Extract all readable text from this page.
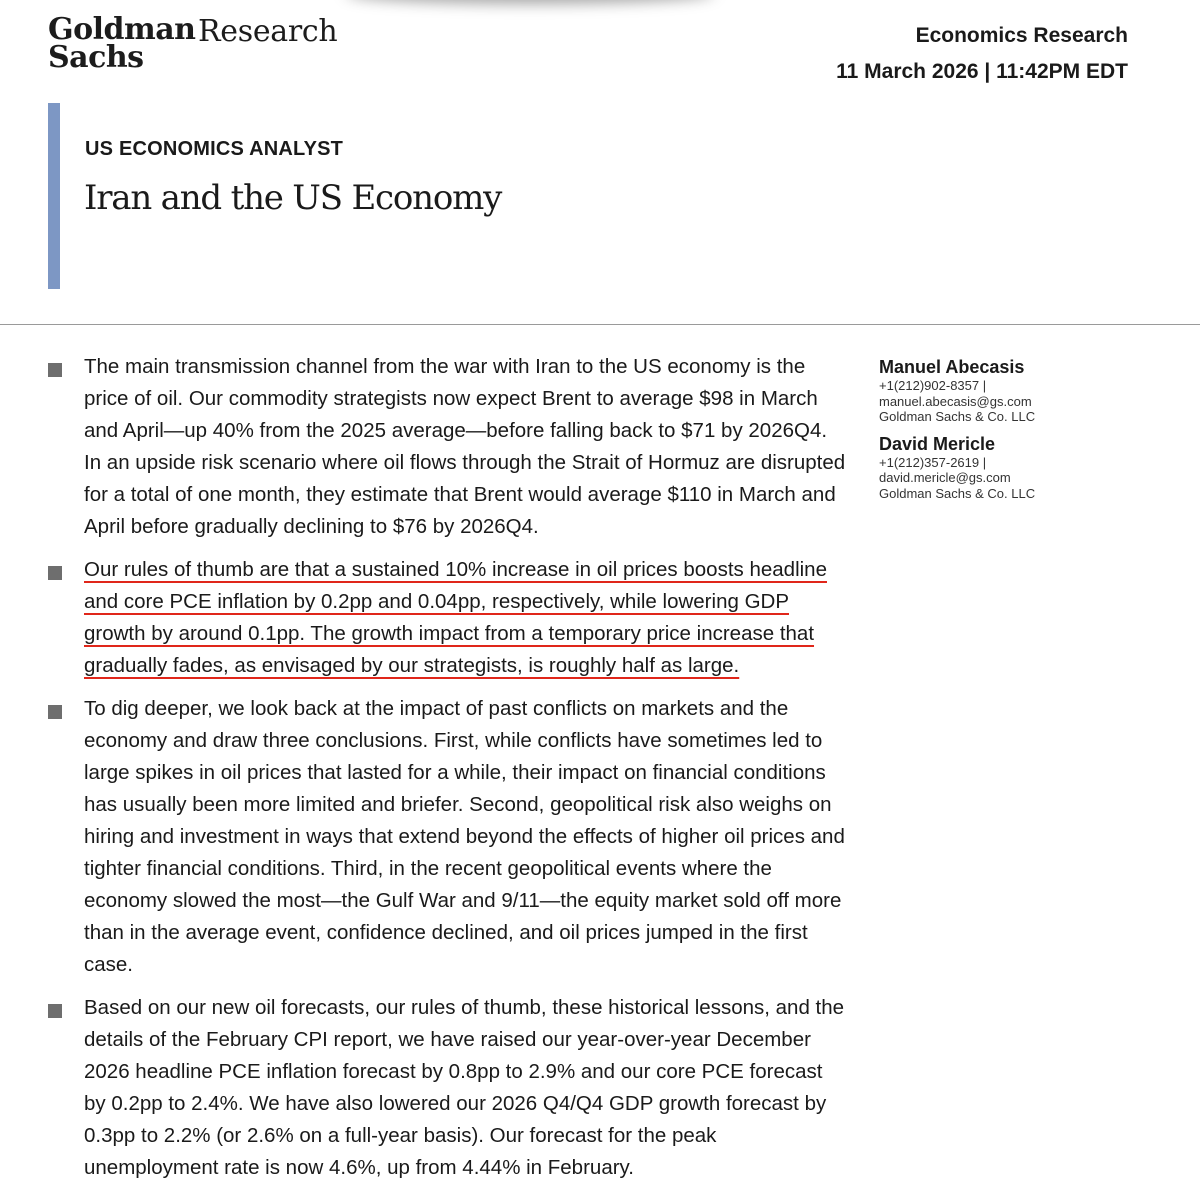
Goldman
Sachs
Research	Economics Research
11 March 2026 | 11:42PM EDT
US ECONOMICS ANALYST
Iran and the US Economy
The main transmission channel from the war with Iran to the US economy is the price of oil. Our commodity strategists now expect Brent to average $98 in March and April—up 40% from the 2025 average—before falling back to $71 by 2026Q4. In an upside risk scenario where oil flows through the Strait of Hormuz are disrupted for a total of one month, they estimate that Brent would average $110 in March and April before gradually declining to $76 by 2026Q4.
Our rules of thumb are that a sustained 10% increase in oil prices boosts headline and core PCE inflation by 0.2pp and 0.04pp, respectively, while lowering GDP growth by around 0.1pp. The growth impact from a temporary price increase that gradually fades, as envisaged by our strategists, is roughly half as large.
To dig deeper, we look back at the impact of past conflicts on markets and the economy and draw three conclusions. First, while conflicts have sometimes led to large spikes in oil prices that lasted for a while, their impact on financial conditions has usually been more limited and briefer. Second, geopolitical risk also weighs on hiring and investment in ways that extend beyond the effects of higher oil prices and tighter financial conditions. Third, in the recent geopolitical events where the economy slowed the most—the Gulf War and 9/11—the equity market sold off more than in the average event, confidence declined, and oil prices jumped in the first case.
Based on our new oil forecasts, our rules of thumb, these historical lessons, and the details of the February CPI report, we have raised our year-over-year December 2026 headline PCE inflation forecast by 0.8pp to 2.9% and our core PCE forecast by 0.2pp to 2.4%. We have also lowered our 2026 Q4/Q4 GDP growth forecast by 0.3pp to 2.2% (or 2.6% on a full-year basis). Our forecast for the peak unemployment rate is now 4.6%, up from 4.44% in February.
Manuel Abecasis
+1(212)902-8357 |
manuel.abecasis@gs.com
Goldman Sachs & Co. LLC
David Mericle
+1(212)357-2619 |
david.mericle@gs.com
Goldman Sachs & Co. LLC
